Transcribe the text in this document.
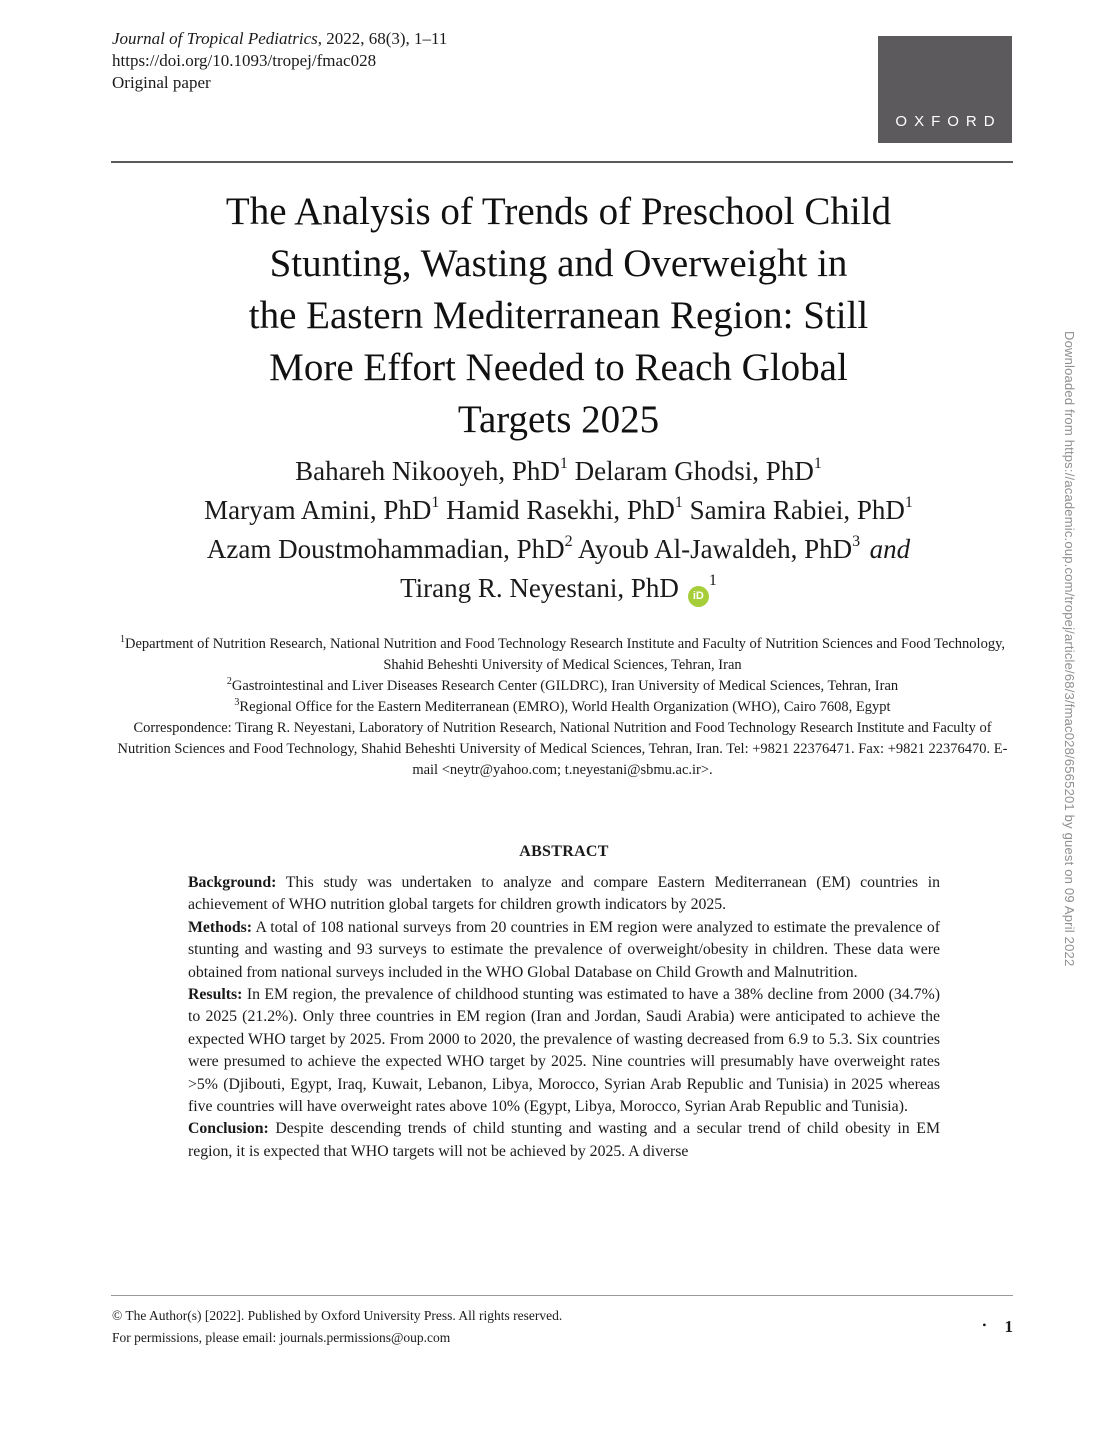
Journal of Tropical Pediatrics, 2022, 68(3), 1–11
https://doi.org/10.1093/tropej/fmac028
Original paper
OXFORD
The Analysis of Trends of Preschool Child
Stunting, Wasting and Overweight in
the Eastern Mediterranean Region: Still
More Effort Needed to Reach Global
Targets 2025
Bahareh Nikooyeh, PhD$^1$ Delaram Ghodsi, PhD$^1$
Maryam Amini, PhD$^1$ Hamid Rasekhi, PhD$^1$ Samira Rabiei, PhD$^1$
Azam Doustmohammadian, PhD$^2$ Ayoub Al-Jawaldeh, PhD$^3$ and
Tirang R. Neyestani, PhD $iD^1$

$^1$Department of Nutrition Research, National Nutrition and Food Technology Research Institute and Faculty of Nutrition Sciences and Food Technology, Shahid Beheshti University of Medical Sciences, Tehran, Iran

$^2$Gastrointestinal and Liver Diseases Research Center (GILDRC), Iran University of Medical Sciences, Tehran, Iran

$^3$Regional Office for the Eastern Mediterranean (EMRO), World Health Organization (WHO), Cairo 7608, Egypt

Correspondence: Tirang R. Neyestani, Laboratory of Nutrition Research, National Nutrition and Food Technology Research Institute and Faculty of Nutrition Sciences and Food Technology, Shahid Beheshti University of Medical Sciences, Tehran, Iran. Tel: +9821 22376471. Fax: +9821 22376470. E-mail <neytr@yahoo.com; t.neyestani@sbmu.ac.ir>.

ABSTRACT

Background: This study was undertaken to analyze and compare Eastern Mediterranean (EM) countries in achievement of WHO nutrition global targets for children growth indicators by 2025.

Methods: A total of 108 national surveys from 20 countries in EM region were analyzed to estimate the prevalence of stunting and wasting and 93 surveys to estimate the prevalence of overweight/obesity in children. These data were obtained from national surveys included in the WHO Global Database on Child Growth and Malnutrition.

Results: In EM region, the prevalence of childhood stunting was estimated to have a 38% decline from 2000 (34.7%) to 2025 (21.2%). Only three countries in EM region (Iran and Jordan, Saudi Arabia) were anticipated to achieve the expected WHO target by 2025. From 2000 to 2020, the prevalence of wasting decreased from 6.9 to 5.3. Six countries were presumed to achieve the expected WHO target by 2025. Nine countries will presumably have overweight rates >5% (Djibouti, Egypt, Iraq, Kuwait, Lebanon, Libya, Morocco, Syrian Arab Republic and Tunisia) in 2025 whereas five countries will have overweight rates above 10% (Egypt, Libya, Morocco, Syrian Arab Republic and Tunisia).

Conclusion: Despite descending trends of child stunting and wasting and a secular trend of child obesity in EM region, it is expected that WHO targets will not be achieved by 2025. A diverse

© The Author(s) [2022]. Published by Oxford University Press. All rights reserved.

For permissions, please email: journals.permissions@oup.com

• 1
Downloaded from https://academic.oup.com/tropej/article/68/3/fmac028/6565201 by guest on 09 April 2022
